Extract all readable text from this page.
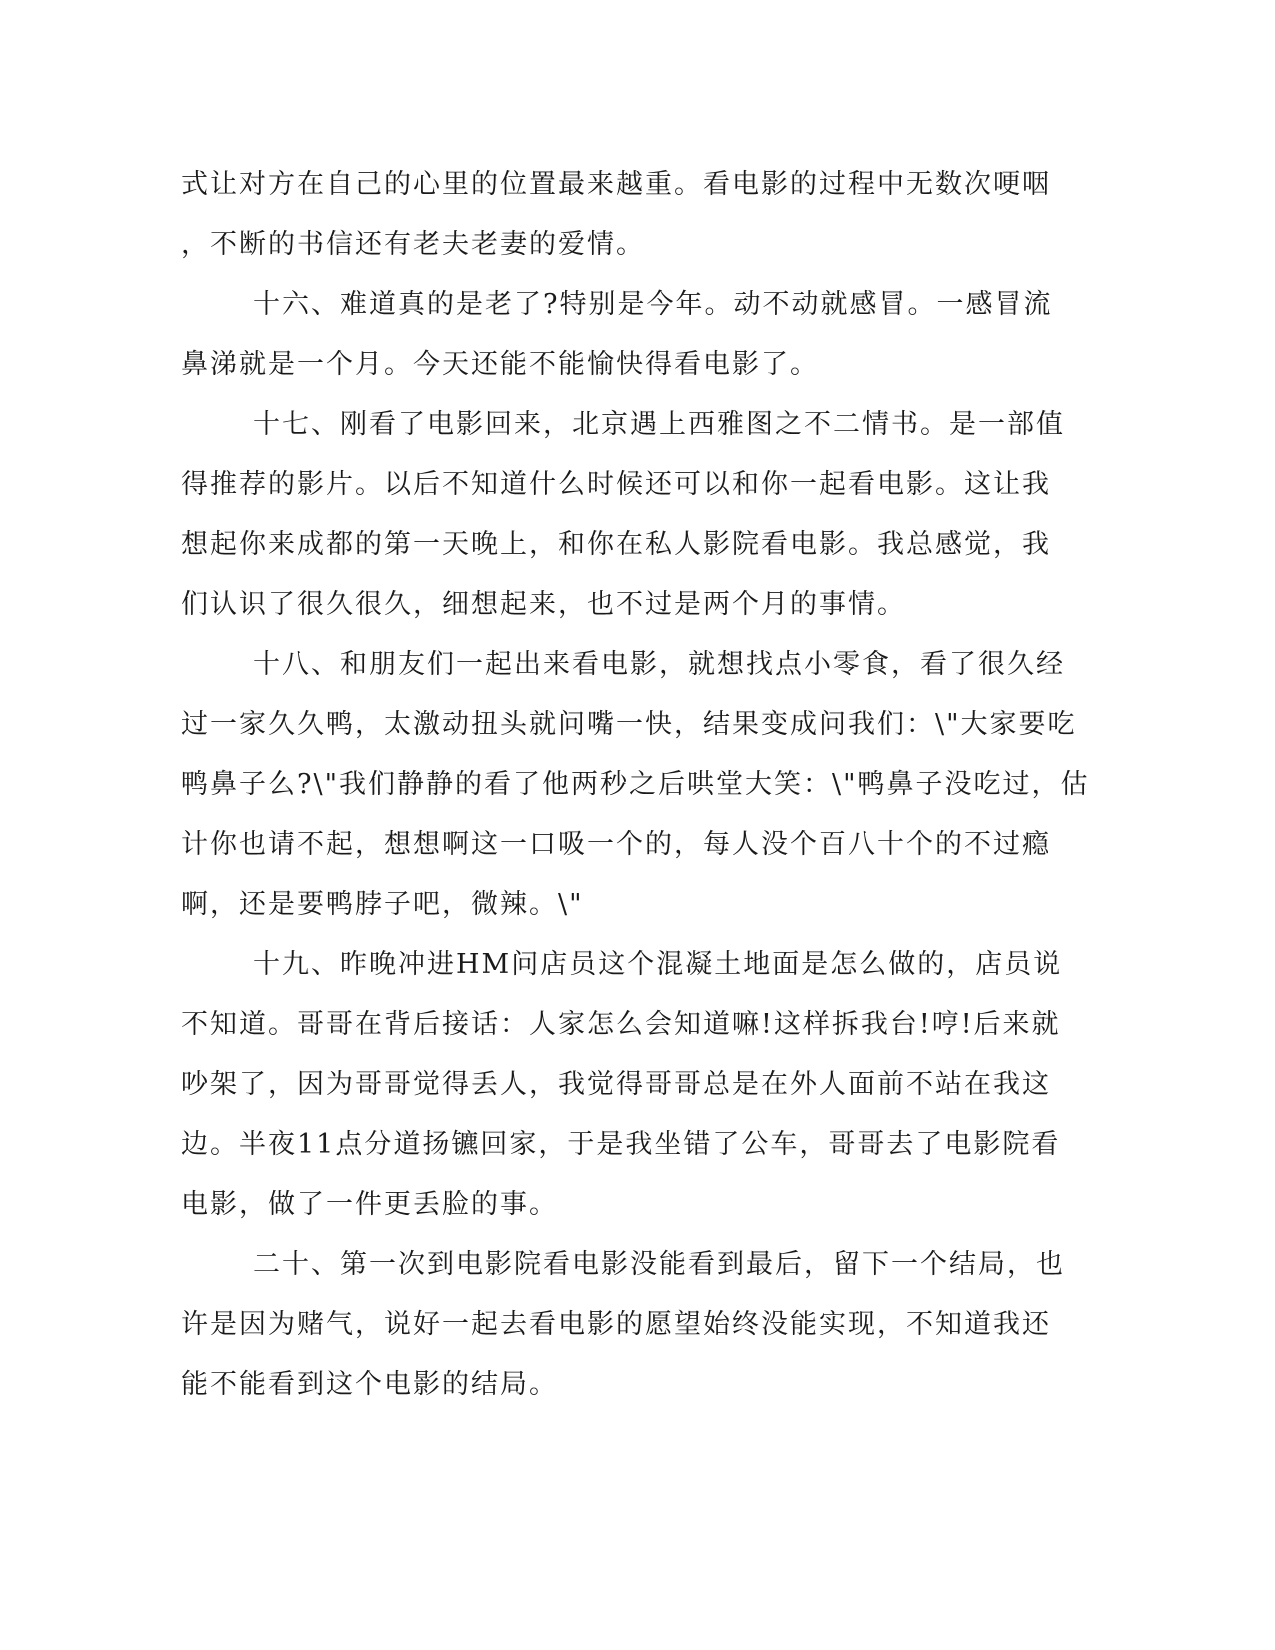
式让对方在自己的心里的位置最来越重。看电影的过程中无数次哽咽
，不断的书信还有老夫老妻的爱情。
十六、难道真的是老了?特别是今年。动不动就感冒。一感冒流
鼻涕就是一个月。今天还能不能愉快得看电影了。
十七、刚看了电影回来，北京遇上西雅图之不二情书。是一部值
得推荐的影片。以后不知道什么时候还可以和你一起看电影。这让我
想起你来成都的第一天晚上，和你在私人影院看电影。我总感觉，我
们认识了很久很久，细想起来，也不过是两个月的事情。
十八、和朋友们一起出来看电影，就想找点小零食，看了很久经
过一家久久鸭，太激动扭头就问嘴一快，结果变成问我们：\"大家要吃
鸭鼻子么?\"我们静静的看了他两秒之后哄堂大笑：\"鸭鼻子没吃过，估
计你也请不起，想想啊这一口吸一个的，每人没个百八十个的不过瘾
啊，还是要鸭脖子吧，微辣。\"
十九、昨晚冲进HM问店员这个混凝土地面是怎么做的，店员说
不知道。哥哥在背后接话：人家怎么会知道嘛!这样拆我台!哼!后来就
吵架了，因为哥哥觉得丢人，我觉得哥哥总是在外人面前不站在我这
边。半夜11点分道扬镳回家，于是我坐错了公车，哥哥去了电影院看
电影，做了一件更丢脸的事。
二十、第一次到电影院看电影没能看到最后，留下一个结局，也
许是因为赌气，说好一起去看电影的愿望始终没能实现，不知道我还
能不能看到这个电影的结局。
